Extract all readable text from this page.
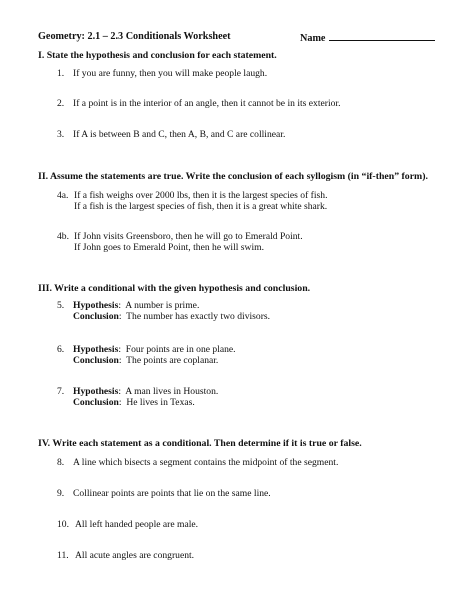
Geometry: 2.1 – 2.3 Conditionals Worksheet	Name
I. State the hypothesis and conclusion for each statement.
1. If you are funny, then you will make people laugh.
2. If a point is in the interior of an angle, then it cannot be in its exterior.
3. If A is between B and C, then A, B, and C are collinear.
II. Assume the statements are true. Write the conclusion of each syllogism (in “if-then” form).
4a. If a fish weighs over 2000 lbs, then it is the largest species of fish.
If a fish is the largest species of fish, then it is a great white shark.
4b. If John visits Greensboro, then he will go to Emerald Point.
If John goes to Emerald Point, then he will swim.
III. Write a conditional with the given hypothesis and conclusion.
5. Hypothesis:  A number is prime.
Conclusion:  The number has exactly two divisors.
6. Hypothesis:  Four points are in one plane.
Conclusion:  The points are coplanar.
7. Hypothesis:  A man lives in Houston.
Conclusion:  He lives in Texas.
IV. Write each statement as a conditional. Then determine if it is true or false.
8. A line which bisects a segment contains the midpoint of the segment.
9. Collinear points are points that lie on the same line.
10. All left handed people are male.
11. All acute angles are congruent.
